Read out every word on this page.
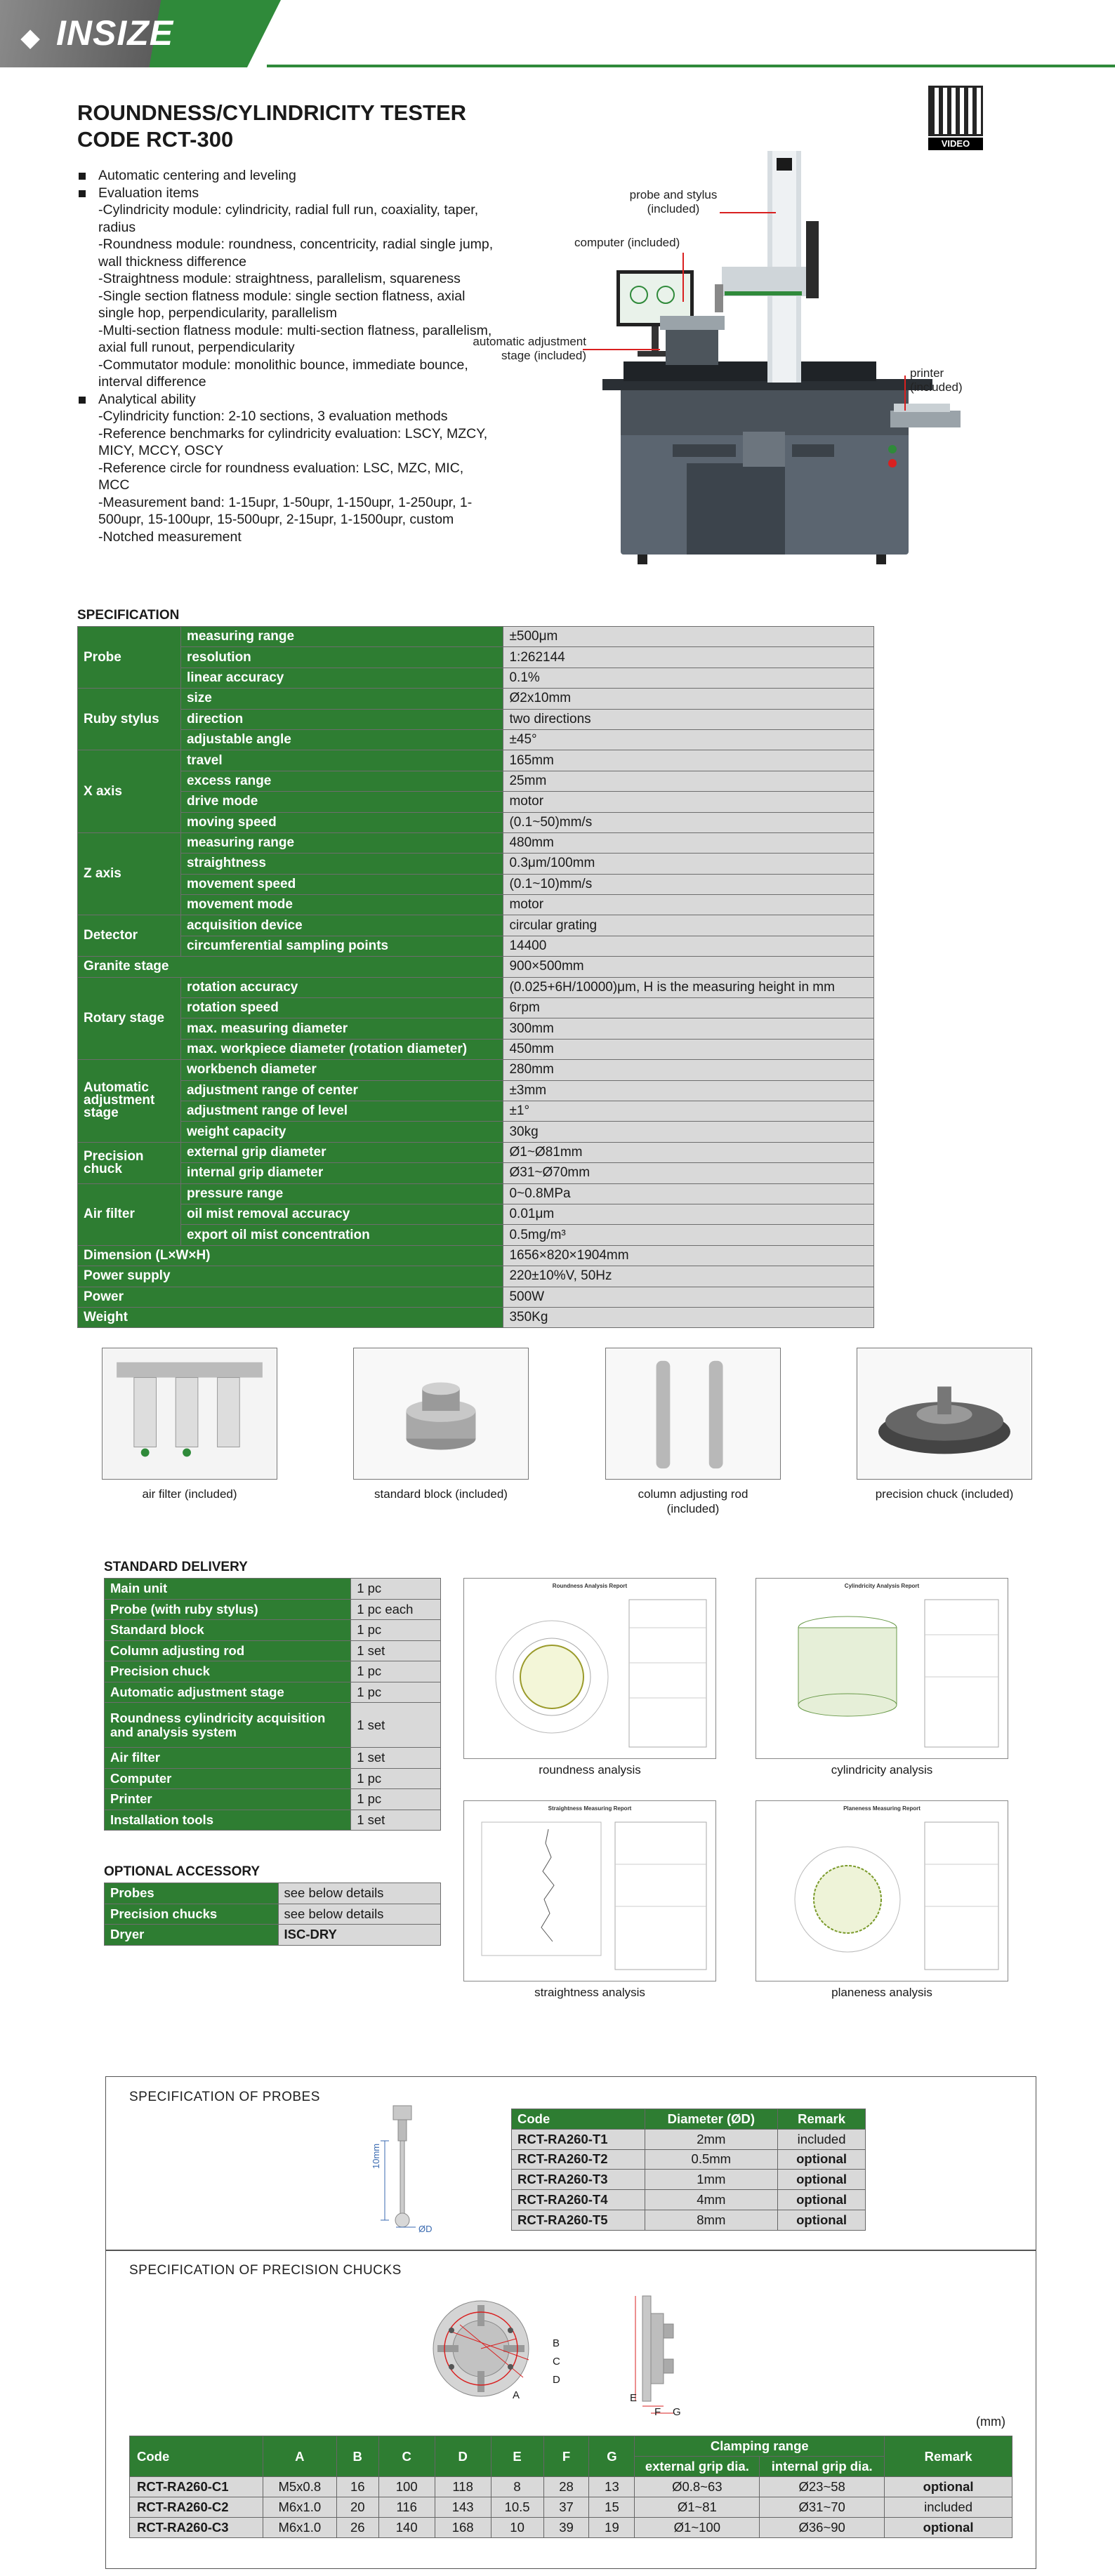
◆ INSIZE
ROUNDNESS/CYLINDRICITY TESTER
CODE RCT-300	VIDEO
Automatic centering and leveling
Evaluation items
-Cylindricity module: cylindricity, radial full run, coaxiality, taper, radius
-Roundness module: roundness, concentricity, radial single jump, wall thickness difference
-Straightness module: straightness, parallelism, squareness
-Single section flatness module: single section flatness, axial single hop, perpendicularity, parallelism
-Multi-section flatness module: multi-section flatness, parallelism, axial full runout, perpendicularity
-Commutator module: monolithic bounce, immediate bounce, interval difference
Analytical ability
-Cylindricity function: 2-10 sections, 3 evaluation methods
-Reference benchmarks for cylindricity evaluation: LSCY, MZCY, MICY, MCCY, OSCY
-Reference circle for roundness evaluation: LSC, MZC, MIC, MCC
-Measurement band: 1-15upr, 1-50upr, 1-150upr, 1-250upr, 1-500upr, 15-100upr, 15-500upr, 2-15upr, 1-1500upr, custom
-Notched measurement
probe and stylus (included)
computer (included)
automatic adjustment stage (included)
printer (included)
SPECIFICATION
Probe	measuring range	±500μm
	resolution	1:262144
	linear accuracy	0.1%
Ruby stylus	size	Ø2x10mm
	direction	two directions
	adjustable angle	±45°
X axis	travel	165mm
	excess range	25mm
	drive mode	motor
	moving speed	(0.1~50)mm/s
Z axis	measuring range	480mm
	straightness	0.3μm/100mm
	movement speed	(0.1~10)mm/s
	movement mode	motor
Detector	acquisition device	circular grating
	circumferential sampling points	14400
Granite stage		900×500mm
Rotary stage	rotation accuracy	(0.025+6H/10000)μm, H is the measuring height in mm
	rotation speed	6rpm
	max. measuring diameter	300mm
	max. workpiece diameter (rotation diameter)	450mm
Automatic adjustment stage	workbench diameter	280mm
	adjustment range of center	±3mm
	adjustment range of level	±1°
	weight capacity	30kg
Precision chuck	external grip diameter	Ø1~Ø81mm
	internal grip diameter	Ø31~Ø70mm
Air filter	pressure range	0~0.8MPa
	oil mist removal accuracy	0.01μm
	export oil mist concentration	0.5mg/m³
Dimension (L×W×H)		1656×820×1904mm
Power supply		220±10%V, 50Hz
Power		500W
Weight		350Kg
air filter (included)	standard block (included)	column adjusting rod (included)
precision chuck (included)
STANDARD DELIVERY
Main unit	1 pc
Probe (with ruby stylus)	1 pc each
Standard block	1 pc
Column adjusting rod	1 set
Precision chuck	1 pc
Automatic adjustment stage	1 pc
Roundness cylindricity acquisition and analysis system	1 set
Air filter	1 set
Computer	1 pc
Printer	1 pc
Installation tools	1 set
OPTIONAL ACCESSORY
Probes	see below details
Precision chucks	see below details
Dryer	ISC-DRY
Roundness Analysis Report
roundness analysis
Cylindricity Analysis Report
cylindricity analysis
Straightness Measuring Report
straightness analysis
Planeness Measuring Report
planeness analysis
SPECIFICATION OF PROBES
10mm
ØD
Code	Diameter (ØD)	Remark
RCT-RA260-T1	2mm	included
RCT-RA260-T2	0.5mm	optional
RCT-RA260-T3	1mm	optional
RCT-RA260-T4	4mm	optional
RCT-RA260-T5	8mm	optional
SPECIFICATION OF PRECISION CHUCKS
B
C
D
A	E
F G
(mm)
Code	A	B	C	D	E	F	G	Clamping range		Remark
								external grip dia.	internal grip dia.	
RCT-RA260-C1	M5x0.8	16	100	118	8	28	13	Ø0.8~63	Ø23~58	optional
RCT-RA260-C2	M6x1.0	20	116	143	10.5	37	15	Ø1~81	Ø31~70	included
RCT-RA260-C3	M6x1.0	26	140	168	10	39	19	Ø1~100	Ø36~90	optional
